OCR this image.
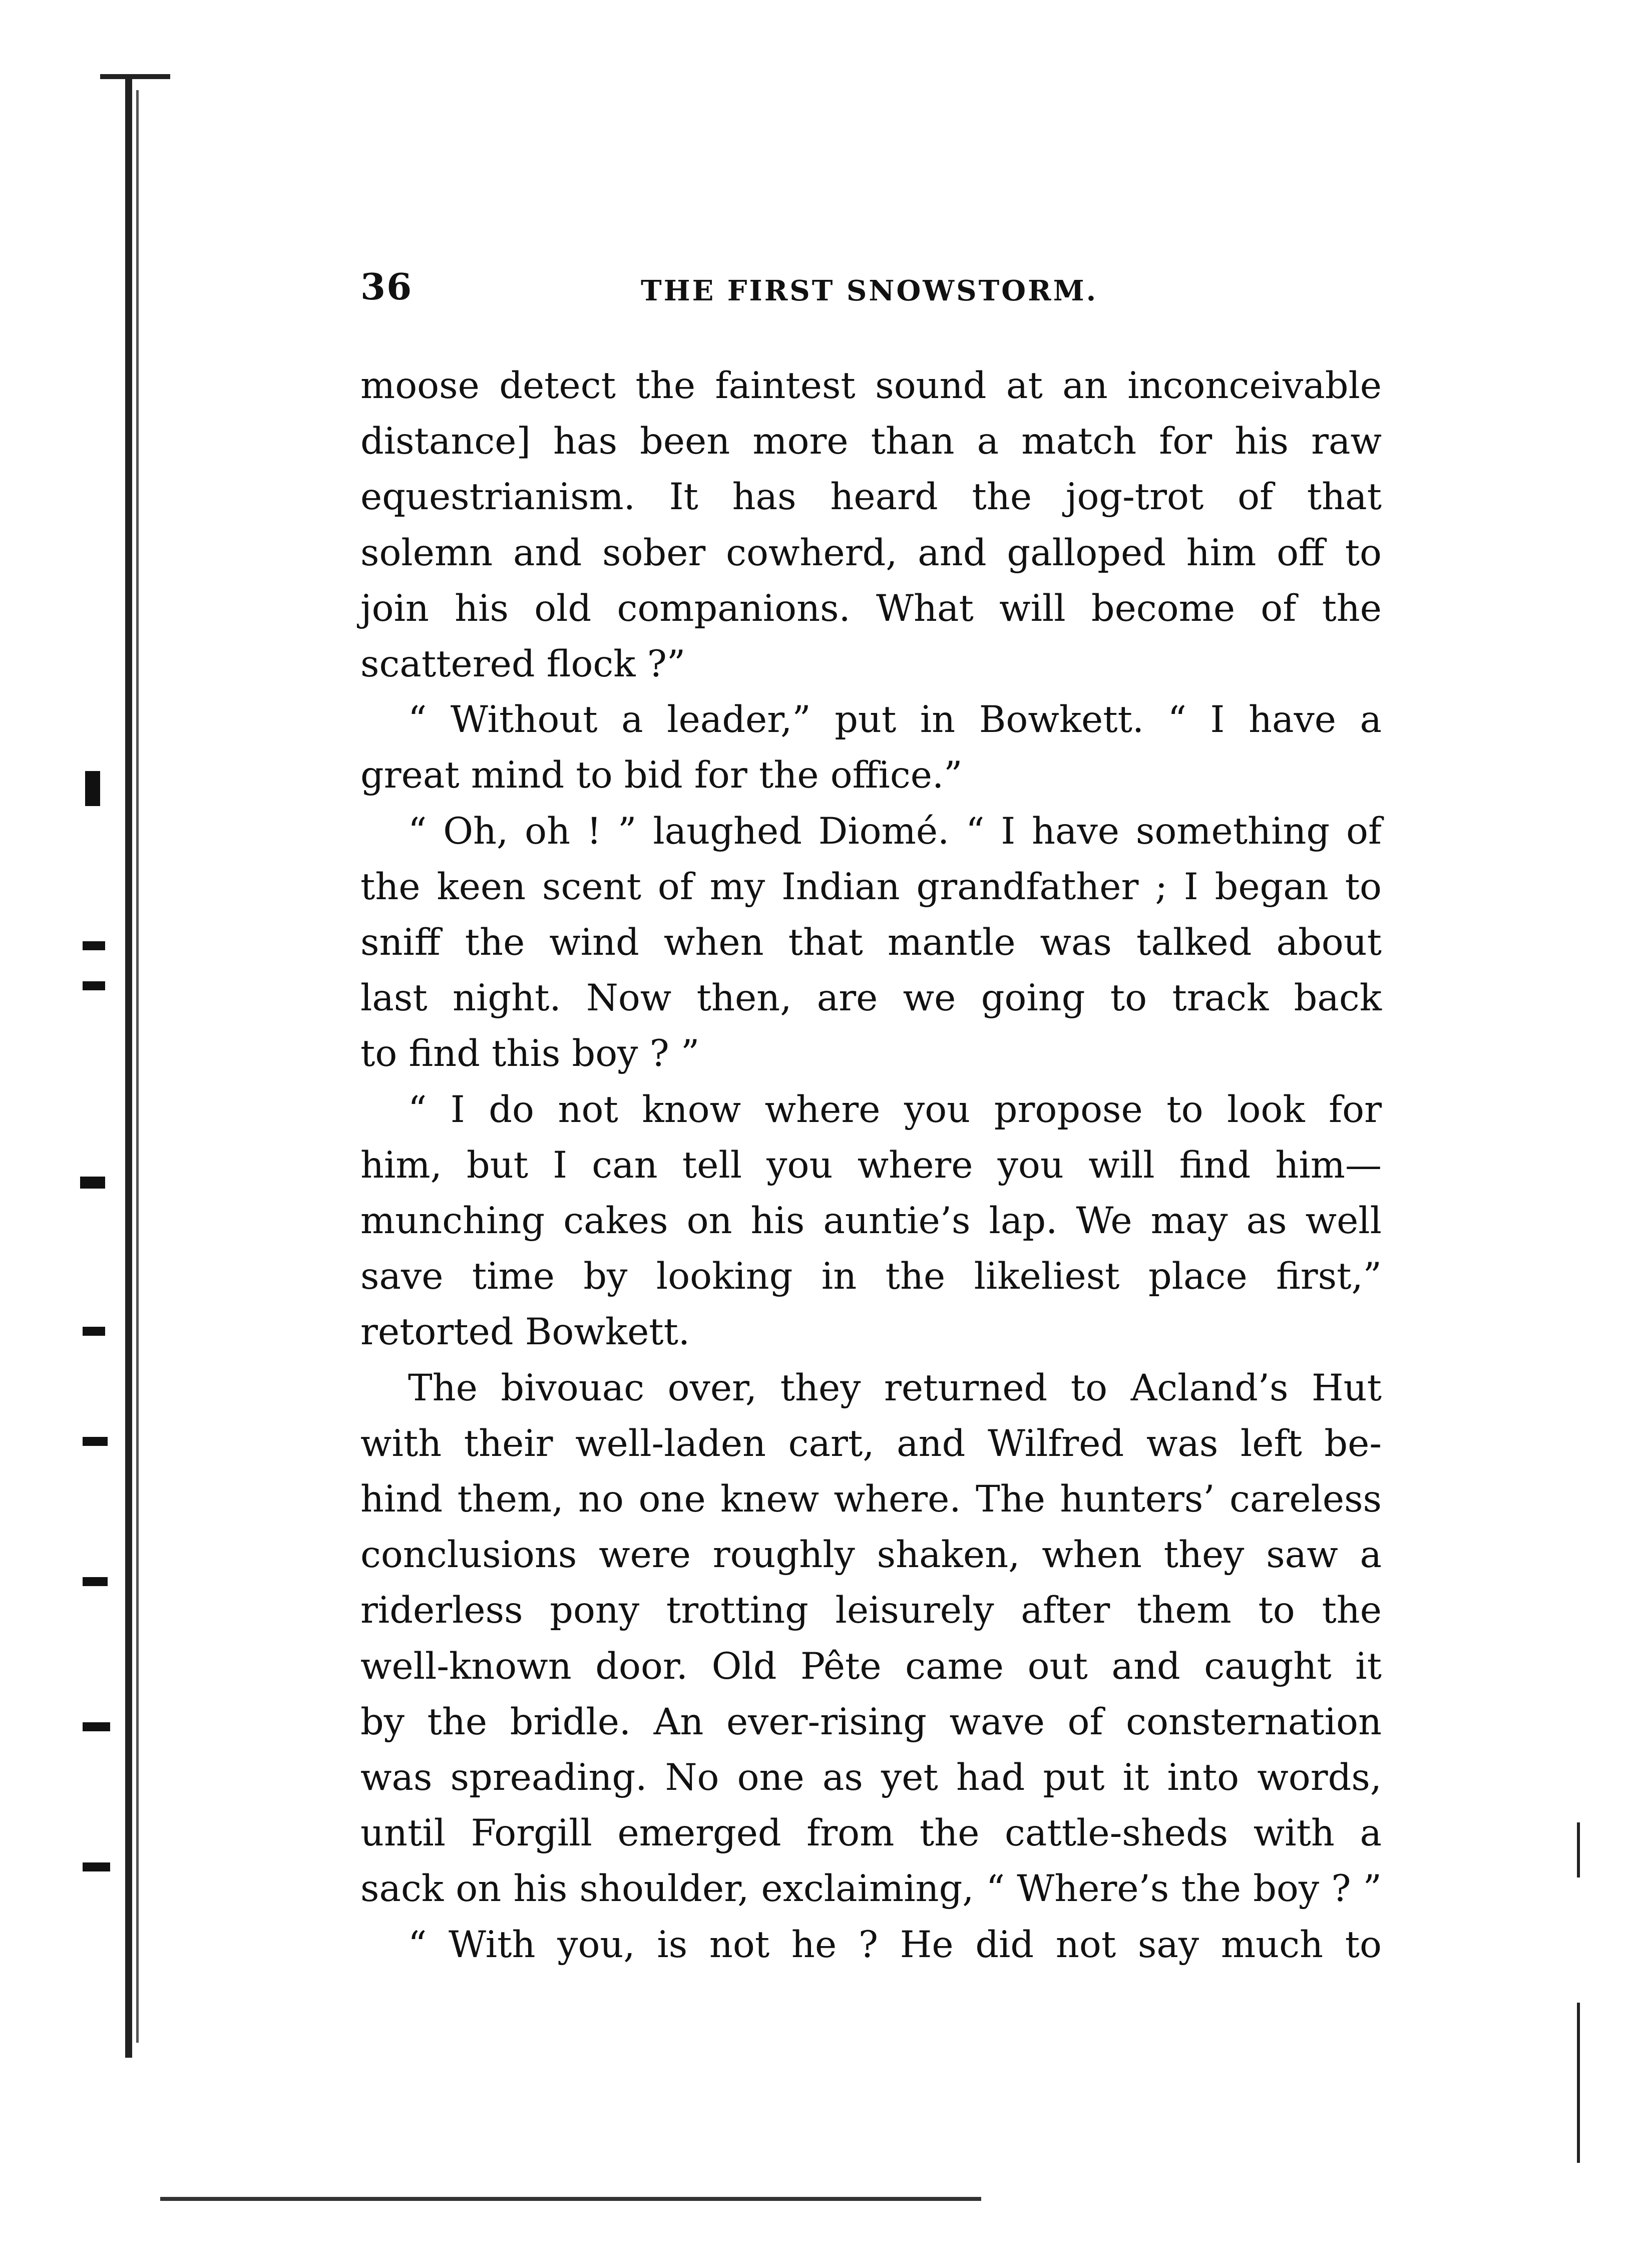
36	THE FIRST SNOWSTORM.
moose detect the faintest sound at an inconceivable
distance] has been more than a match for his raw
equestrianism. It has heard the jog-trot of that
solemn and sober cowherd, and galloped him off to
join his old companions. What will become of the
scattered flock ?”
“ Without a leader,” put in Bowkett. “ I have a
great mind to bid for the office.”
“ Oh, oh ! ” laughed Diomé. “ I have something of
the keen scent of my Indian grandfather ; I began to
sniff the wind when that mantle was talked about
last night. Now then, are we going to track back
to find this boy ? ”
“ I do not know where you propose to look for
him, but I can tell you where you will find him—
munching cakes on his auntie’s lap. We may as well
save time by looking in the likeliest place first,”
retorted Bowkett.
The bivouac over, they returned to Acland’s Hut
with their well-laden cart, and Wilfred was left be-
hind them, no one knew where. The hunters’ careless
conclusions were roughly shaken, when they saw a
riderless pony trotting leisurely after them to the
well-known door. Old Pête came out and caught it
by the bridle. An ever-rising wave of consternation
was spreading. No one as yet had put it into words,
until Forgill emerged from the cattle-sheds with a
sack on his shoulder, exclaiming, “ Where’s the boy ? ”
“ With you, is not he ? He did not say much to
